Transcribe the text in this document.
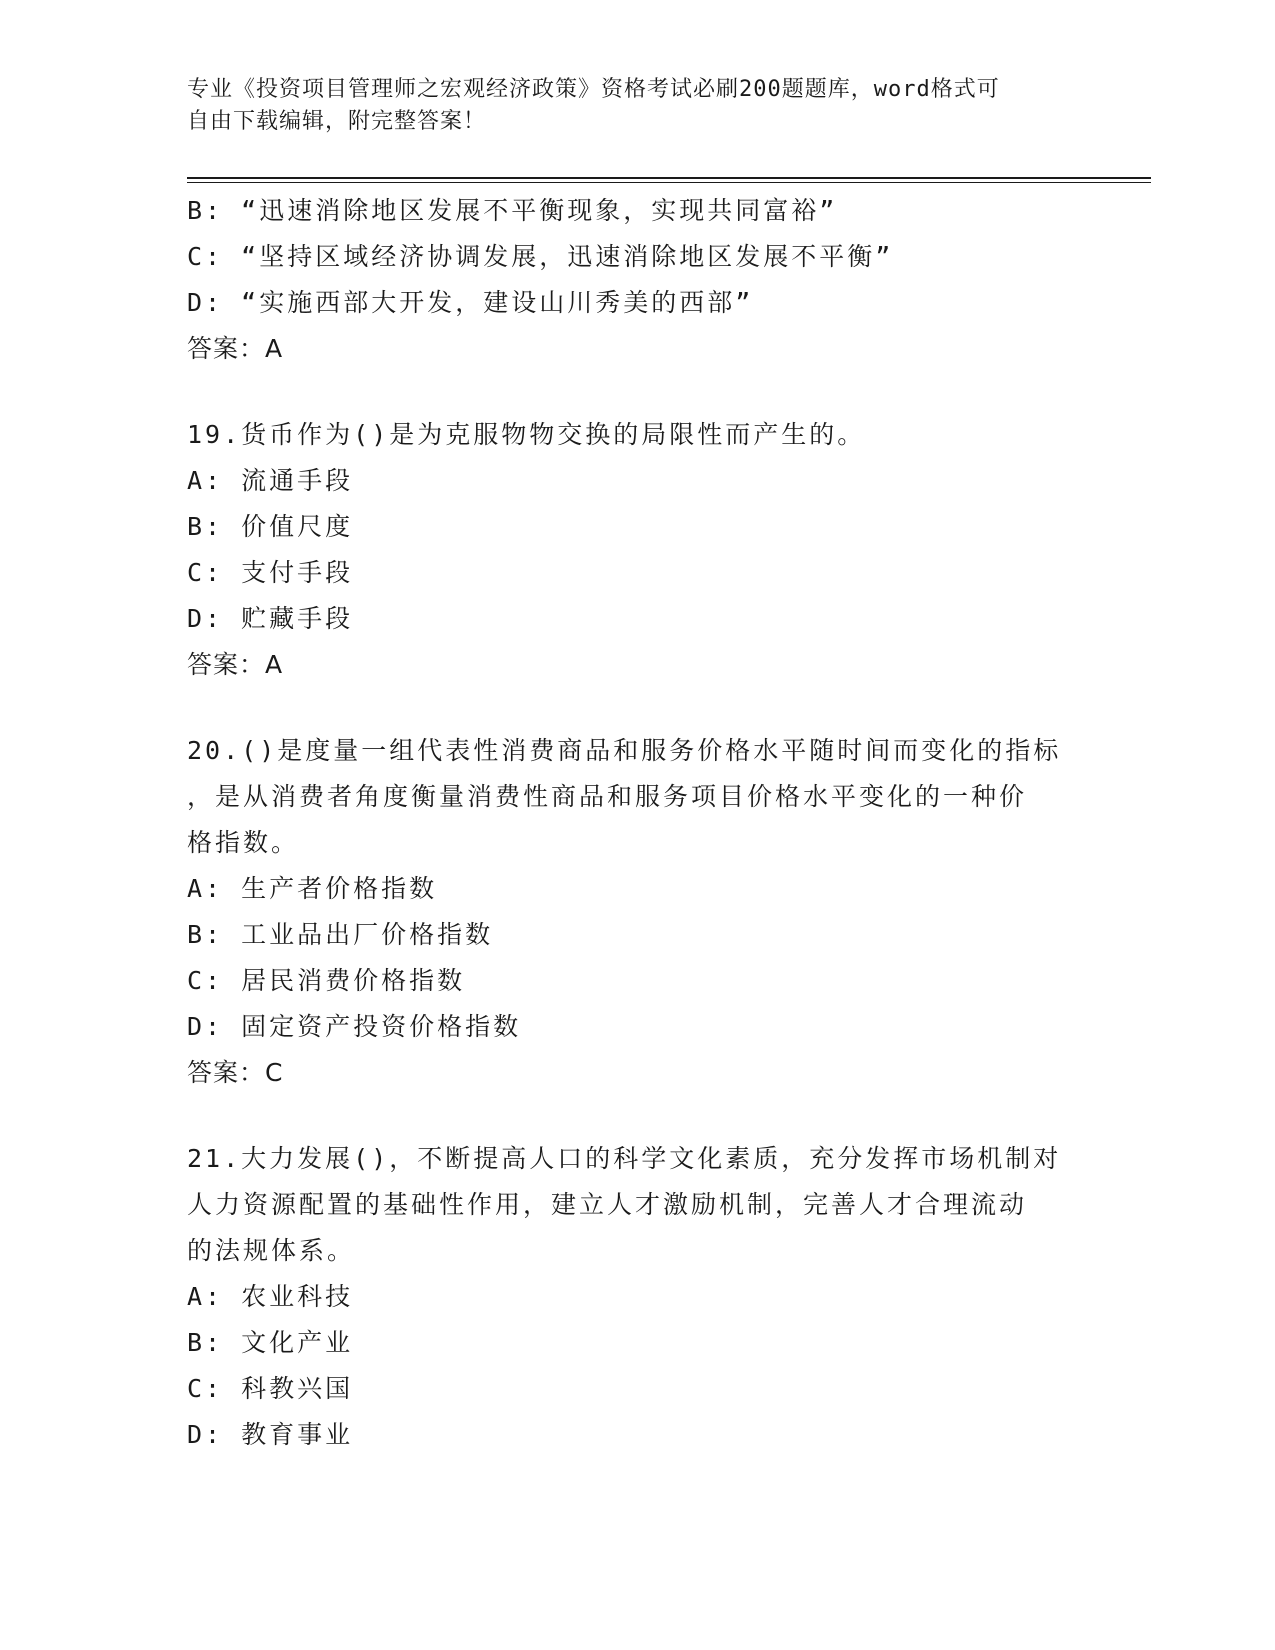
专业《投资项目管理师之宏观经济政策》资格考试必刷200题题库，word格式可
自由下载编辑，附完整答案！
B: “迅速消除地区发展不平衡现象，实现共同富裕”
C: “坚持区域经济协调发展，迅速消除地区发展不平衡”
D: “实施西部大开发，建设山川秀美的西部”
答案：A
19.货币作为()是为克服物物交换的局限性而产生的。
A: 流通手段
B: 价值尺度
C: 支付手段
D: 贮藏手段
答案：A
20.()是度量一组代表性消费商品和服务价格水平随时间而变化的指标
，是从消费者角度衡量消费性商品和服务项目价格水平变化的一种价
格指数。
A: 生产者价格指数
B: 工业品出厂价格指数
C: 居民消费价格指数
D: 固定资产投资价格指数
答案：C
21.大力发展()，不断提高人口的科学文化素质，充分发挥市场机制对
人力资源配置的基础性作用，建立人才激励机制，完善人才合理流动
的法规体系。
A: 农业科技
B: 文化产业
C: 科教兴国
D: 教育事业
